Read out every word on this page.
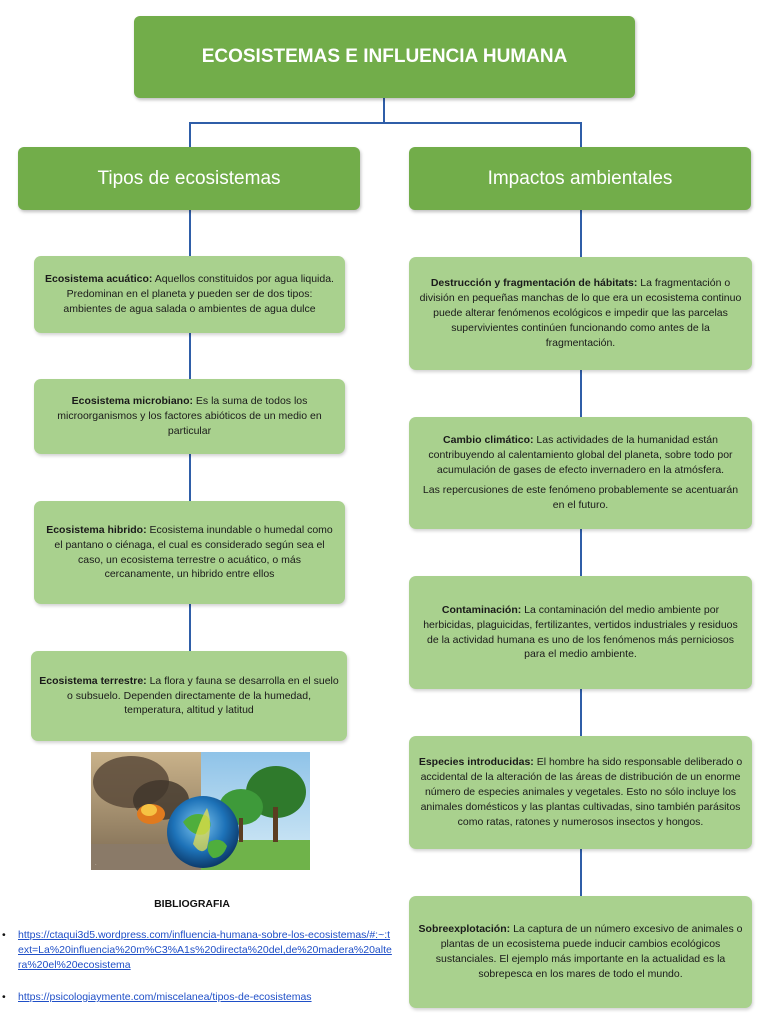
ECOSISTEMAS E INFLUENCIA HUMANA
Tipos de ecosistemas	Impactos ambientales

Ecosistema acuático: Aquellos constituidos por agua liquida. Predominan en el planeta y pueden ser de dos tipos: ambientes de agua salada o ambientes de agua dulce

Ecosistema microbiano: Es la suma de todos los microorganismos y los factores abióticos de un medio en particular

Ecosistema hibrido: Ecosistema inundable o humedal como el pantano o ciénaga, el cual es considerado según sea el caso, un ecosistema terrestre o acuático, o más cercanamente, un hibrido entre ellos

Ecosistema terrestre: La flora y fauna se desarrolla en el suelo o subsuelo. Dependen directamente de la humedad, temperatura, altitud y latitud

Destrucción y fragmentación de hábitats: La fragmentación o división en pequeñas manchas de lo que era un ecosistema continuo puede alterar fenómenos ecológicos e impedir que las parcelas supervivientes continúen funcionando como antes de la fragmentación.

Cambio climático: Las actividades de la humanidad están contribuyendo al calentamiento global del planeta, sobre todo por acumulación de gases de efecto invernadero en la atmósfera.

Las repercusiones de este fenómeno probablemente se acentuarán en el futuro.

Contaminación: La contaminación del medio ambiente por herbicidas, plaguicidas, fertilizantes, vertidos industriales y residuos de la actividad humana es uno de los fenómenos más perniciosos para el medio ambiente.

Especies introducidas: El hombre ha sido responsable deliberado o accidental de la alteración de las áreas de distribución de un enorme número de especies animales y vegetales. Esto no sólo incluye los animales domésticos y las plantas cultivadas, sino también parásitos como ratas, ratones y numerosos insectos y hongos.

Sobreexplotación: La captura de un número excesivo de animales o plantas de un ecosistema puede inducir cambios ecológicos sustanciales. El ejemplo más importante en la actualidad es la sobrepesca en los mares de todo el mundo.

·
BIBLIOGRAFIA
• https://ctaqui3d5.wordpress.com/influencia-humana-sobre-los-ecosistemas/#:~:text=La%20influencia%20m%C3%A1s%20directa%20del,de%20madera%20altera%20el%20ecosistema
• https://psicologiaymente.com/miscelanea/tipos-de-ecosistemas
